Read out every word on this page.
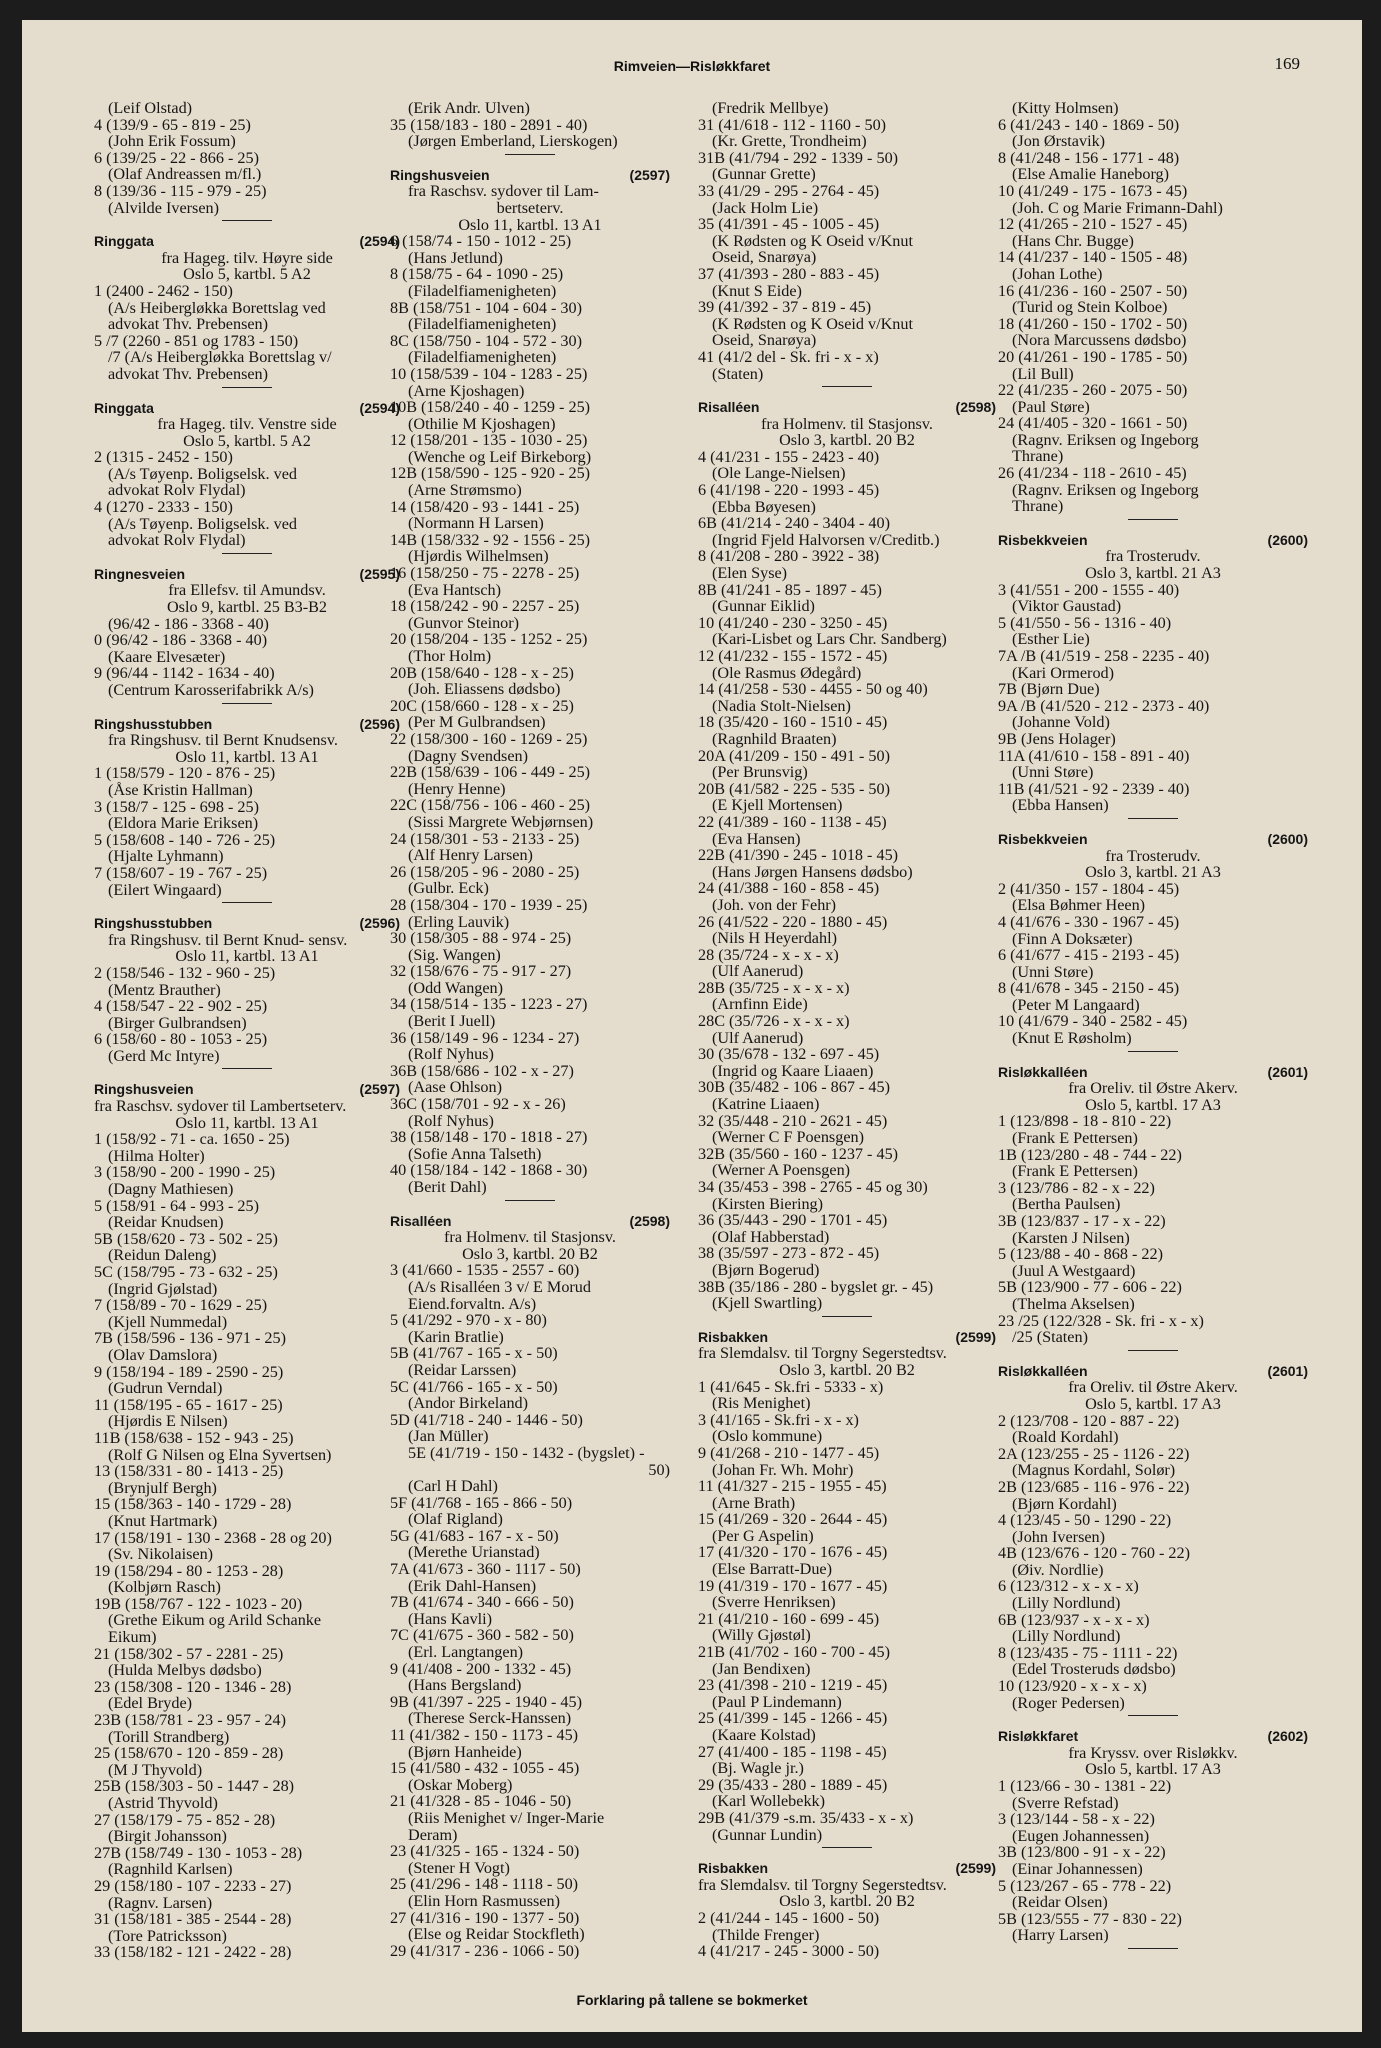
Rimveien—Risløkkfaret	169
(Leif Olstad)
4 (139/9 - 65 - 819 - 25)
(John Erik Fossum)
6 (139/25 - 22 - 866 - 25)
(Olaf Andreassen m/fl.)
8 (139/36 - 115 - 979 - 25)
(Alvilde Iversen)
Ringgata	(2594)
fra Hageg. tilv. Høyre side
Oslo 5, kartbl. 5 A2
1 (2400 - 2462 - 150)
(A/s Heibergløkka Borettslag ved
advokat Thv. Prebensen)
5 /7 (2260 - 851 og 1783 - 150)
/7 (A/s Heibergløkka Borettslag v/
advokat Thv. Prebensen)
Ringgata	(2594)
fra Hageg. tilv. Venstre side
Oslo 5, kartbl. 5 A2
2 (1315 - 2452 - 150)
(A/s Tøyenp. Boligselsk. ved
advokat Rolv Flydal)
4 (1270 - 2333 - 150)
(A/s Tøyenp. Boligselsk. ved
advokat Rolv Flydal)
Ringnesveien	(2595)
fra Ellefsv. til Amundsv.
Oslo 9, kartbl. 25 B3-B2
(96/42 - 186 - 3368 - 40)
0 (96/42 - 186 - 3368 - 40)
(Kaare Elvesæter)
9 (96/44 - 1142 - 1634 - 40)
(Centrum Karosserifabrikk A/s)
Ringshusstubben	(2596)
fra Ringshusv. til Bernt Knudsensv.
Oslo 11, kartbl. 13 A1
1 (158/579 - 120 - 876 - 25)
(Åse Kristin Hallman)
3 (158/7 - 125 - 698 - 25)
(Eldora Marie Eriksen)
5 (158/608 - 140 - 726 - 25)
(Hjalte Lyhmann)
7 (158/607 - 19 - 767 - 25)
(Eilert Wingaard)
Ringshusstubben	(2596)
fra Ringshusv. til Bernt Knud- sensv.
Oslo 11, kartbl. 13 A1
2 (158/546 - 132 - 960 - 25)
(Mentz Brauther)
4 (158/547 - 22 - 902 - 25)
(Birger Gulbrandsen)
6 (158/60 - 80 - 1053 - 25)
(Gerd Mc Intyre)
Ringshusveien	(2597)
fra Raschsv. sydover til Lambertseterv.
Oslo 11, kartbl. 13 A1
1 (158/92 - 71 - ca. 1650 - 25)
(Hilma Holter)
3 (158/90 - 200 - 1990 - 25)
(Dagny Mathiesen)
5 (158/91 - 64 - 993 - 25)
(Reidar Knudsen)
5B (158/620 - 73 - 502 - 25)
(Reidun Daleng)
5C (158/795 - 73 - 632 - 25)
(Ingrid Gjølstad)
7 (158/89 - 70 - 1629 - 25)
(Kjell Nummedal)
7B (158/596 - 136 - 971 - 25)
(Olav Damslora)
9 (158/194 - 189 - 2590 - 25)
(Gudrun Verndal)
11 (158/195 - 65 - 1617 - 25)
(Hjørdis E Nilsen)
11B (158/638 - 152 - 943 - 25)
(Rolf G Nilsen og Elna Syvertsen)
13 (158/331 - 80 - 1413 - 25)
(Brynjulf Bergh)
15 (158/363 - 140 - 1729 - 28)
(Knut Hartmark)
17 (158/191 - 130 - 2368 - 28 og 20)
(Sv. Nikolaisen)
19 (158/294 - 80 - 1253 - 28)
(Kolbjørn Rasch)
19B (158/767 - 122 - 1023 - 20)
(Grethe Eikum og Arild Schanke
Eikum)
21 (158/302 - 57 - 2281 - 25)
(Hulda Melbys dødsbo)
23 (158/308 - 120 - 1346 - 28)
(Edel Bryde)
23B (158/781 - 23 - 957 - 24)
(Torill Strandberg)
25 (158/670 - 120 - 859 - 28)
(M J Thyvold)
25B (158/303 - 50 - 1447 - 28)
(Astrid Thyvold)
27 (158/179 - 75 - 852 - 28)
(Birgit Johansson)
27B (158/749 - 130 - 1053 - 28)
(Ragnhild Karlsen)
29 (158/180 - 107 - 2233 - 27)
(Ragnv. Larsen)
31 (158/181 - 385 - 2544 - 28)
(Tore Patricksson)
33 (158/182 - 121 - 2422 - 28)
(Erik Andr. Ulven)
35 (158/183 - 180 - 2891 - 40)
(Jørgen Emberland, Lierskogen)
Ringshusveien	(2597)
fra Raschsv. sydover til Lam-
bertseterv.
Oslo 11, kartbl. 13 A1
6 (158/74 - 150 - 1012 - 25)
(Hans Jetlund)
8 (158/75 - 64 - 1090 - 25)
(Filadelfiamenigheten)
8B (158/751 - 104 - 604 - 30)
(Filadelfiamenigheten)
8C (158/750 - 104 - 572 - 30)
(Filadelfiamenigheten)
10 (158/539 - 104 - 1283 - 25)
(Arne Kjoshagen)
10B (158/240 - 40 - 1259 - 25)
(Othilie M Kjoshagen)
12 (158/201 - 135 - 1030 - 25)
(Wenche og Leif Birkeborg)
12B (158/590 - 125 - 920 - 25)
(Arne Strømsmo)
14 (158/420 - 93 - 1441 - 25)
(Normann H Larsen)
14B (158/332 - 92 - 1556 - 25)
(Hjørdis Wilhelmsen)
16 (158/250 - 75 - 2278 - 25)
(Eva Hantsch)
18 (158/242 - 90 - 2257 - 25)
(Gunvor Steinor)
20 (158/204 - 135 - 1252 - 25)
(Thor Holm)
20B (158/640 - 128 - x - 25)
(Joh. Eliassens dødsbo)
20C (158/660 - 128 - x - 25)
(Per M Gulbrandsen)
22 (158/300 - 160 - 1269 - 25)
(Dagny Svendsen)
22B (158/639 - 106 - 449 - 25)
(Henry Henne)
22C (158/756 - 106 - 460 - 25)
(Sissi Margrete Webjørnsen)
24 (158/301 - 53 - 2133 - 25)
(Alf Henry Larsen)
26 (158/205 - 96 - 2080 - 25)
(Gulbr. Eck)
28 (158/304 - 170 - 1939 - 25)
(Erling Lauvik)
30 (158/305 - 88 - 974 - 25)
(Sig. Wangen)
32 (158/676 - 75 - 917 - 27)
(Odd Wangen)
34 (158/514 - 135 - 1223 - 27)
(Berit I Juell)
36 (158/149 - 96 - 1234 - 27)
(Rolf Nyhus)
36B (158/686 - 102 - x - 27)
(Aase Ohlson)
36C (158/701 - 92 - x - 26)
(Rolf Nyhus)
38 (158/148 - 170 - 1818 - 27)
(Sofie Anna Talseth)
40 (158/184 - 142 - 1868 - 30)
(Berit Dahl)
Risalléen	(2598)
fra Holmenv. til Stasjonsv.
Oslo 3, kartbl. 20 B2
3 (41/660 - 1535 - 2557 - 60)
(A/s Risalléen 3 v/ E Morud
Eiend.forvaltn. A/s)
5 (41/292 - 970 - x - 80)
(Karin Bratlie)
5B (41/767 - 165 - x - 50)
(Reidar Larssen)
5C (41/766 - 165 - x - 50)
(Andor Birkeland)
5D (41/718 - 240 - 1446 - 50)
(Jan Müller)
5E (41/719 - 150 - 1432 - (bygslet) -
50)
(Carl H Dahl)
5F (41/768 - 165 - 866 - 50)
(Olaf Rigland)
5G (41/683 - 167 - x - 50)
(Merethe Urianstad)
7A (41/673 - 360 - 1117 - 50)
(Erik Dahl-Hansen)
7B (41/674 - 340 - 666 - 50)
(Hans Kavli)
7C (41/675 - 360 - 582 - 50)
(Erl. Langtangen)
9 (41/408 - 200 - 1332 - 45)
(Hans Bergsland)
9B (41/397 - 225 - 1940 - 45)
(Therese Serck-Hanssen)
11 (41/382 - 150 - 1173 - 45)
(Bjørn Hanheide)
15 (41/580 - 432 - 1055 - 45)
(Oskar Moberg)
21 (41/328 - 85 - 1046 - 50)
(Riis Menighet v/ Inger-Marie
Deram)
23 (41/325 - 165 - 1324 - 50)
(Stener H Vogt)
25 (41/296 - 148 - 1118 - 50)
(Elin Horn Rasmussen)
27 (41/316 - 190 - 1377 - 50)
(Else og Reidar Stockfleth)
29 (41/317 - 236 - 1066 - 50)
(Fredrik Mellbye)
31 (41/618 - 112 - 1160 - 50)
(Kr. Grette, Trondheim)
31B (41/794 - 292 - 1339 - 50)
(Gunnar Grette)
33 (41/29 - 295 - 2764 - 45)
(Jack Holm Lie)
35 (41/391 - 45 - 1005 - 45)
(K Rødsten og K Oseid v/Knut
Oseid, Snarøya)
37 (41/393 - 280 - 883 - 45)
(Knut S Eide)
39 (41/392 - 37 - 819 - 45)
(K Rødsten og K Oseid v/Knut
Oseid, Snarøya)
41 (41/2 del - Sk. fri - x - x)
(Staten)
Risalléen	(2598)
fra Holmenv. til Stasjonsv.
Oslo 3, kartbl. 20 B2
4 (41/231 - 155 - 2423 - 40)
(Ole Lange-Nielsen)
6 (41/198 - 220 - 1993 - 45)
(Ebba Bøyesen)
6B (41/214 - 240 - 3404 - 40)
(Ingrid Fjeld Halvorsen v/Creditb.)
8 (41/208 - 280 - 3922 - 38)
(Elen Syse)
8B (41/241 - 85 - 1897 - 45)
(Gunnar Eiklid)
10 (41/240 - 230 - 3250 - 45)
(Kari-Lisbet og Lars Chr. Sandberg)
12 (41/232 - 155 - 1572 - 45)
(Ole Rasmus Ødegård)
14 (41/258 - 530 - 4455 - 50 og 40)
(Nadia Stolt-Nielsen)
18 (35/420 - 160 - 1510 - 45)
(Ragnhild Braaten)
20A (41/209 - 150 - 491 - 50)
(Per Brunsvig)
20B (41/582 - 225 - 535 - 50)
(E Kjell Mortensen)
22 (41/389 - 160 - 1138 - 45)
(Eva Hansen)
22B (41/390 - 245 - 1018 - 45)
(Hans Jørgen Hansens dødsbo)
24 (41/388 - 160 - 858 - 45)
(Joh. von der Fehr)
26 (41/522 - 220 - 1880 - 45)
(Nils H Heyerdahl)
28 (35/724 - x - x - x)
(Ulf Aanerud)
28B (35/725 - x - x - x)
(Arnfinn Eide)
28C (35/726 - x - x - x)
(Ulf Aanerud)
30 (35/678 - 132 - 697 - 45)
(Ingrid og Kaare Liaaen)
30B (35/482 - 106 - 867 - 45)
(Katrine Liaaen)
32 (35/448 - 210 - 2621 - 45)
(Werner C F Poensgen)
32B (35/560 - 160 - 1237 - 45)
(Werner A Poensgen)
34 (35/453 - 398 - 2765 - 45 og 30)
(Kirsten Biering)
36 (35/443 - 290 - 1701 - 45)
(Olaf Habberstad)
38 (35/597 - 273 - 872 - 45)
(Bjørn Bogerud)
38B (35/186 - 280 - bygslet gr. - 45)
(Kjell Swartling)
Risbakken	(2599)
fra Slemdalsv. til Torgny Segerstedtsv.
Oslo 3, kartbl. 20 B2
1 (41/645 - Sk.fri - 5333 - x)
(Ris Menighet)
3 (41/165 - Sk.fri - x - x)
(Oslo kommune)
9 (41/268 - 210 - 1477 - 45)
(Johan Fr. Wh. Mohr)
11 (41/327 - 215 - 1955 - 45)
(Arne Brath)
15 (41/269 - 320 - 2644 - 45)
(Per G Aspelin)
17 (41/320 - 170 - 1676 - 45)
(Else Barratt-Due)
19 (41/319 - 170 - 1677 - 45)
(Sverre Henriksen)
21 (41/210 - 160 - 699 - 45)
(Willy Gjøstøl)
21B (41/702 - 160 - 700 - 45)
(Jan Bendixen)
23 (41/398 - 210 - 1219 - 45)
(Paul P Lindemann)
25 (41/399 - 145 - 1266 - 45)
(Kaare Kolstad)
27 (41/400 - 185 - 1198 - 45)
(Bj. Wagle jr.)
29 (35/433 - 280 - 1889 - 45)
(Karl Wollebekk)
29B (41/379 -s.m. 35/433 - x - x)
(Gunnar Lundin)
Risbakken	(2599)
fra Slemdalsv. til Torgny Segerstedtsv.
Oslo 3, kartbl. 20 B2
2 (41/244 - 145 - 1600 - 50)
(Thilde Frenger)
4 (41/217 - 245 - 3000 - 50)
(Kitty Holmsen)
6 (41/243 - 140 - 1869 - 50)
(Jon Ørstavik)
8 (41/248 - 156 - 1771 - 48)
(Else Amalie Haneborg)
10 (41/249 - 175 - 1673 - 45)
(Joh. C og Marie Frimann-Dahl)
12 (41/265 - 210 - 1527 - 45)
(Hans Chr. Bugge)
14 (41/237 - 140 - 1505 - 48)
(Johan Lothe)
16 (41/236 - 160 - 2507 - 50)
(Turid og Stein Kolboe)
18 (41/260 - 150 - 1702 - 50)
(Nora Marcussens dødsbo)
20 (41/261 - 190 - 1785 - 50)
(Lil Bull)
22 (41/235 - 260 - 2075 - 50)
(Paul Støre)
24 (41/405 - 320 - 1661 - 50)
(Ragnv. Eriksen og Ingeborg
Thrane)
26 (41/234 - 118 - 2610 - 45)
(Ragnv. Eriksen og Ingeborg
Thrane)
Risbekkveien	(2600)
fra Trosterudv.
Oslo 3, kartbl. 21 A3
3 (41/551 - 200 - 1555 - 40)
(Viktor Gaustad)
5 (41/550 - 56 - 1316 - 40)
(Esther Lie)
7A /B (41/519 - 258 - 2235 - 40)
(Kari Ormerod)
7B (Bjørn Due)
9A /B (41/520 - 212 - 2373 - 40)
(Johanne Vold)
9B (Jens Holager)
11A (41/610 - 158 - 891 - 40)
(Unni Støre)
11B (41/521 - 92 - 2339 - 40)
(Ebba Hansen)
Risbekkveien	(2600)
fra Trosterudv.
Oslo 3, kartbl. 21 A3
2 (41/350 - 157 - 1804 - 45)
(Elsa Bøhmer Heen)
4 (41/676 - 330 - 1967 - 45)
(Finn A Doksæter)
6 (41/677 - 415 - 2193 - 45)
(Unni Støre)
8 (41/678 - 345 - 2150 - 45)
(Peter M Langaard)
10 (41/679 - 340 - 2582 - 45)
(Knut E Røsholm)
Risløkkalléen	(2601)
fra Oreliv. til Østre Akerv.
Oslo 5, kartbl. 17 A3
1 (123/898 - 18 - 810 - 22)
(Frank E Pettersen)
1B (123/280 - 48 - 744 - 22)
(Frank E Pettersen)
3 (123/786 - 82 - x - 22)
(Bertha Paulsen)
3B (123/837 - 17 - x - 22)
(Karsten J Nilsen)
5 (123/88 - 40 - 868 - 22)
(Juul A Westgaard)
5B (123/900 - 77 - 606 - 22)
(Thelma Akselsen)
23 /25 (122/328 - Sk. fri - x - x)
/25 (Staten)
Risløkkalléen	(2601)
fra Oreliv. til Østre Akerv.
Oslo 5, kartbl. 17 A3
2 (123/708 - 120 - 887 - 22)
(Roald Kordahl)
2A (123/255 - 25 - 1126 - 22)
(Magnus Kordahl, Solør)
2B (123/685 - 116 - 976 - 22)
(Bjørn Kordahl)
4 (123/45 - 50 - 1290 - 22)
(John Iversen)
4B (123/676 - 120 - 760 - 22)
(Øiv. Nordlie)
6 (123/312 - x - x - x)
(Lilly Nordlund)
6B (123/937 - x - x - x)
(Lilly Nordlund)
8 (123/435 - 75 - 1111 - 22)
(Edel Trosteruds dødsbo)
10 (123/920 - x - x - x)
(Roger Pedersen)
Risløkkfaret	(2602)
fra Kryssv. over Risløkkv.
Oslo 5, kartbl. 17 A3
1 (123/66 - 30 - 1381 - 22)
(Sverre Refstad)
3 (123/144 - 58 - x - 22)
(Eugen Johannessen)
3B (123/800 - 91 - x - 22)
(Einar Johannessen)
5 (123/267 - 65 - 778 - 22)
(Reidar Olsen)
5B (123/555 - 77 - 830 - 22)
(Harry Larsen)
Forklaring på tallene se bokmerket
